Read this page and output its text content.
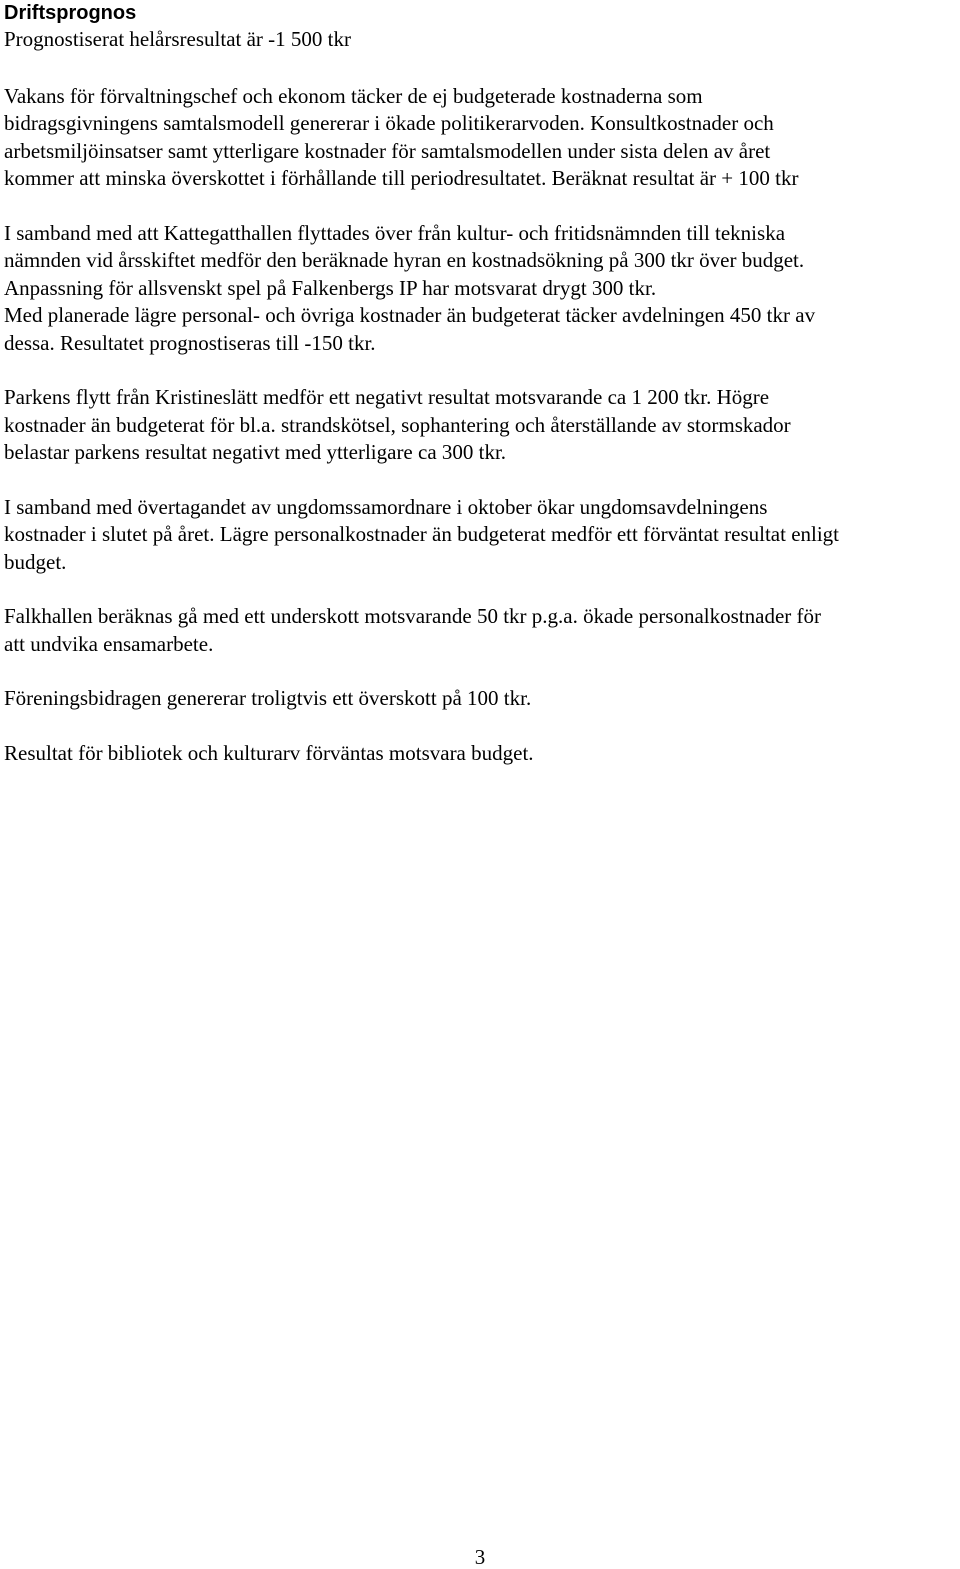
Driftsprognos

Prognostiserat helårsresultat är -1 500 tkr

Vakans för förvaltningschef och ekonom täcker de ej budgeterade kostnaderna som
bidragsgivningens samtalsmodell genererar i ökade politikerarvoden. Konsultkostnader och
arbetsmiljöinsatser samt ytterligare kostnader för samtalsmodellen under sista delen av året
kommer att minska överskottet i förhållande till periodresultatet. Beräknat resultat är + 100 tkr

I samband med att Kattegatthallen flyttades över från kultur- och fritidsnämnden till tekniska
nämnden vid årsskiftet medför den beräknade hyran en kostnadsökning på 300 tkr över budget.
Anpassning för allsvenskt spel på Falkenbergs IP har motsvarat drygt 300 tkr.
Med planerade lägre personal- och övriga kostnader än budgeterat täcker avdelningen 450 tkr av
dessa. Resultatet prognostiseras till -150 tkr.

Parkens flytt från Kristineslätt medför ett negativt resultat motsvarande ca 1 200 tkr. Högre
kostnader än budgeterat för bl.a. strandskötsel, sophantering och återställande av stormskador
belastar parkens resultat negativt med ytterligare ca 300 tkr.

I samband med övertagandet av ungdomssamordnare i oktober ökar ungdomsavdelningens
kostnader i slutet på året. Lägre personalkostnader än budgeterat medför ett förväntat resultat enligt
budget.

Falkhallen beräknas gå med ett underskott motsvarande 50 tkr p.g.a. ökade personalkostnader för
att undvika ensamarbete.

Föreningsbidragen genererar troligtvis ett överskott på 100 tkr.

Resultat för bibliotek och kulturarv förväntas motsvara budget.

3
